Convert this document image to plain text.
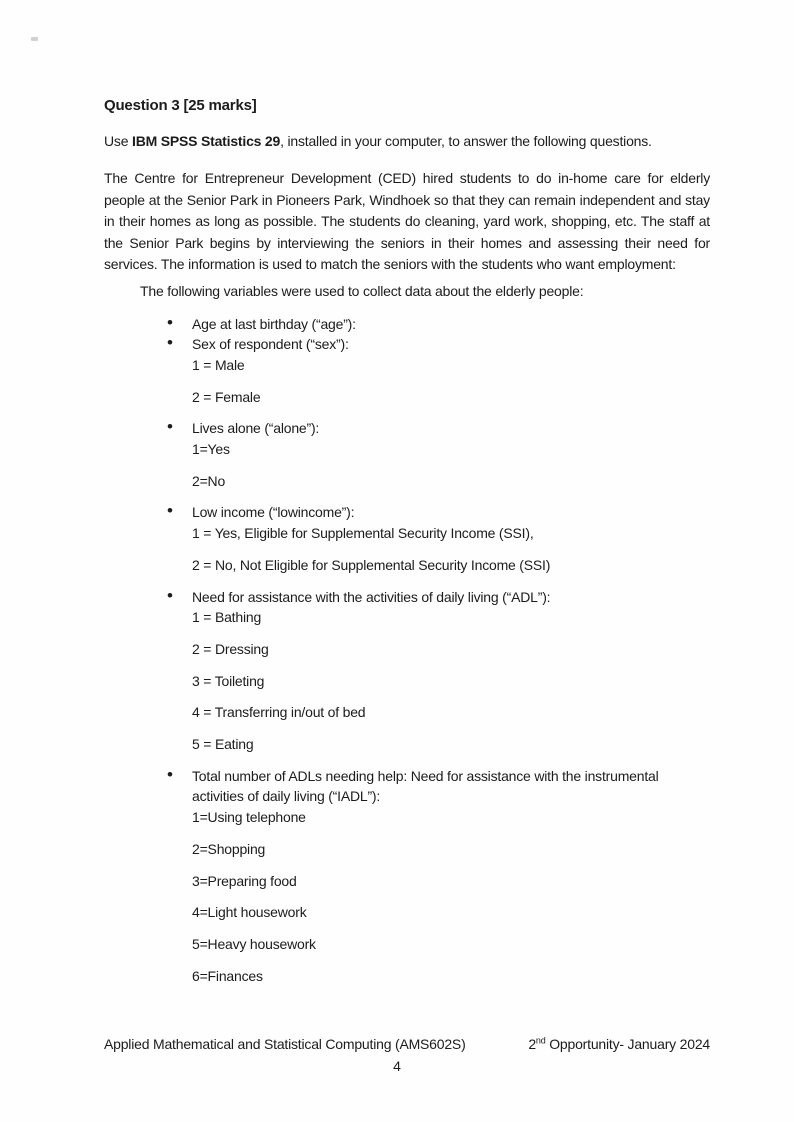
Question 3 [25 marks]

Use IBM SPSS Statistics 29, installed in your computer, to answer the following questions.

The Centre for Entrepreneur Development (CED) hired students to do in-home care for elderly people at the Senior Park in Pioneers Park, Windhoek so that they can remain independent and stay in their homes as long as possible. The students do cleaning, yard work, shopping, etc. The staff at the Senior Park begins by interviewing the seniors in their homes and assessing their need for services. The information is used to match the seniors with the students who want employment:

The following variables were used to collect data about the elderly people:

• Age at last birthday (“age”):

• Sex of respondent (“sex”):

1 = Male

2 = Female

• Lives alone (“alone”):

1=Yes

2=No

• Low income (“lowincome”):

1 = Yes, Eligible for Supplemental Security Income (SSI),

2 = No, Not Eligible for Supplemental Security Income (SSI)

• Need for assistance with the activities of daily living (“ADL”):

1 = Bathing

2 = Dressing

3 = Toileting

4 = Transferring in/out of bed

5 = Eating

• Total number of ADLs needing help: Need for assistance with the instrumental activities of daily living (“IADL”):

1=Using telephone

2=Shopping

3=Preparing food

4=Light housework

5=Heavy housework

6=Finances

Applied Mathematical and Statistical Computing (AMS602S)	2nd Opportunity- January 2024
4
